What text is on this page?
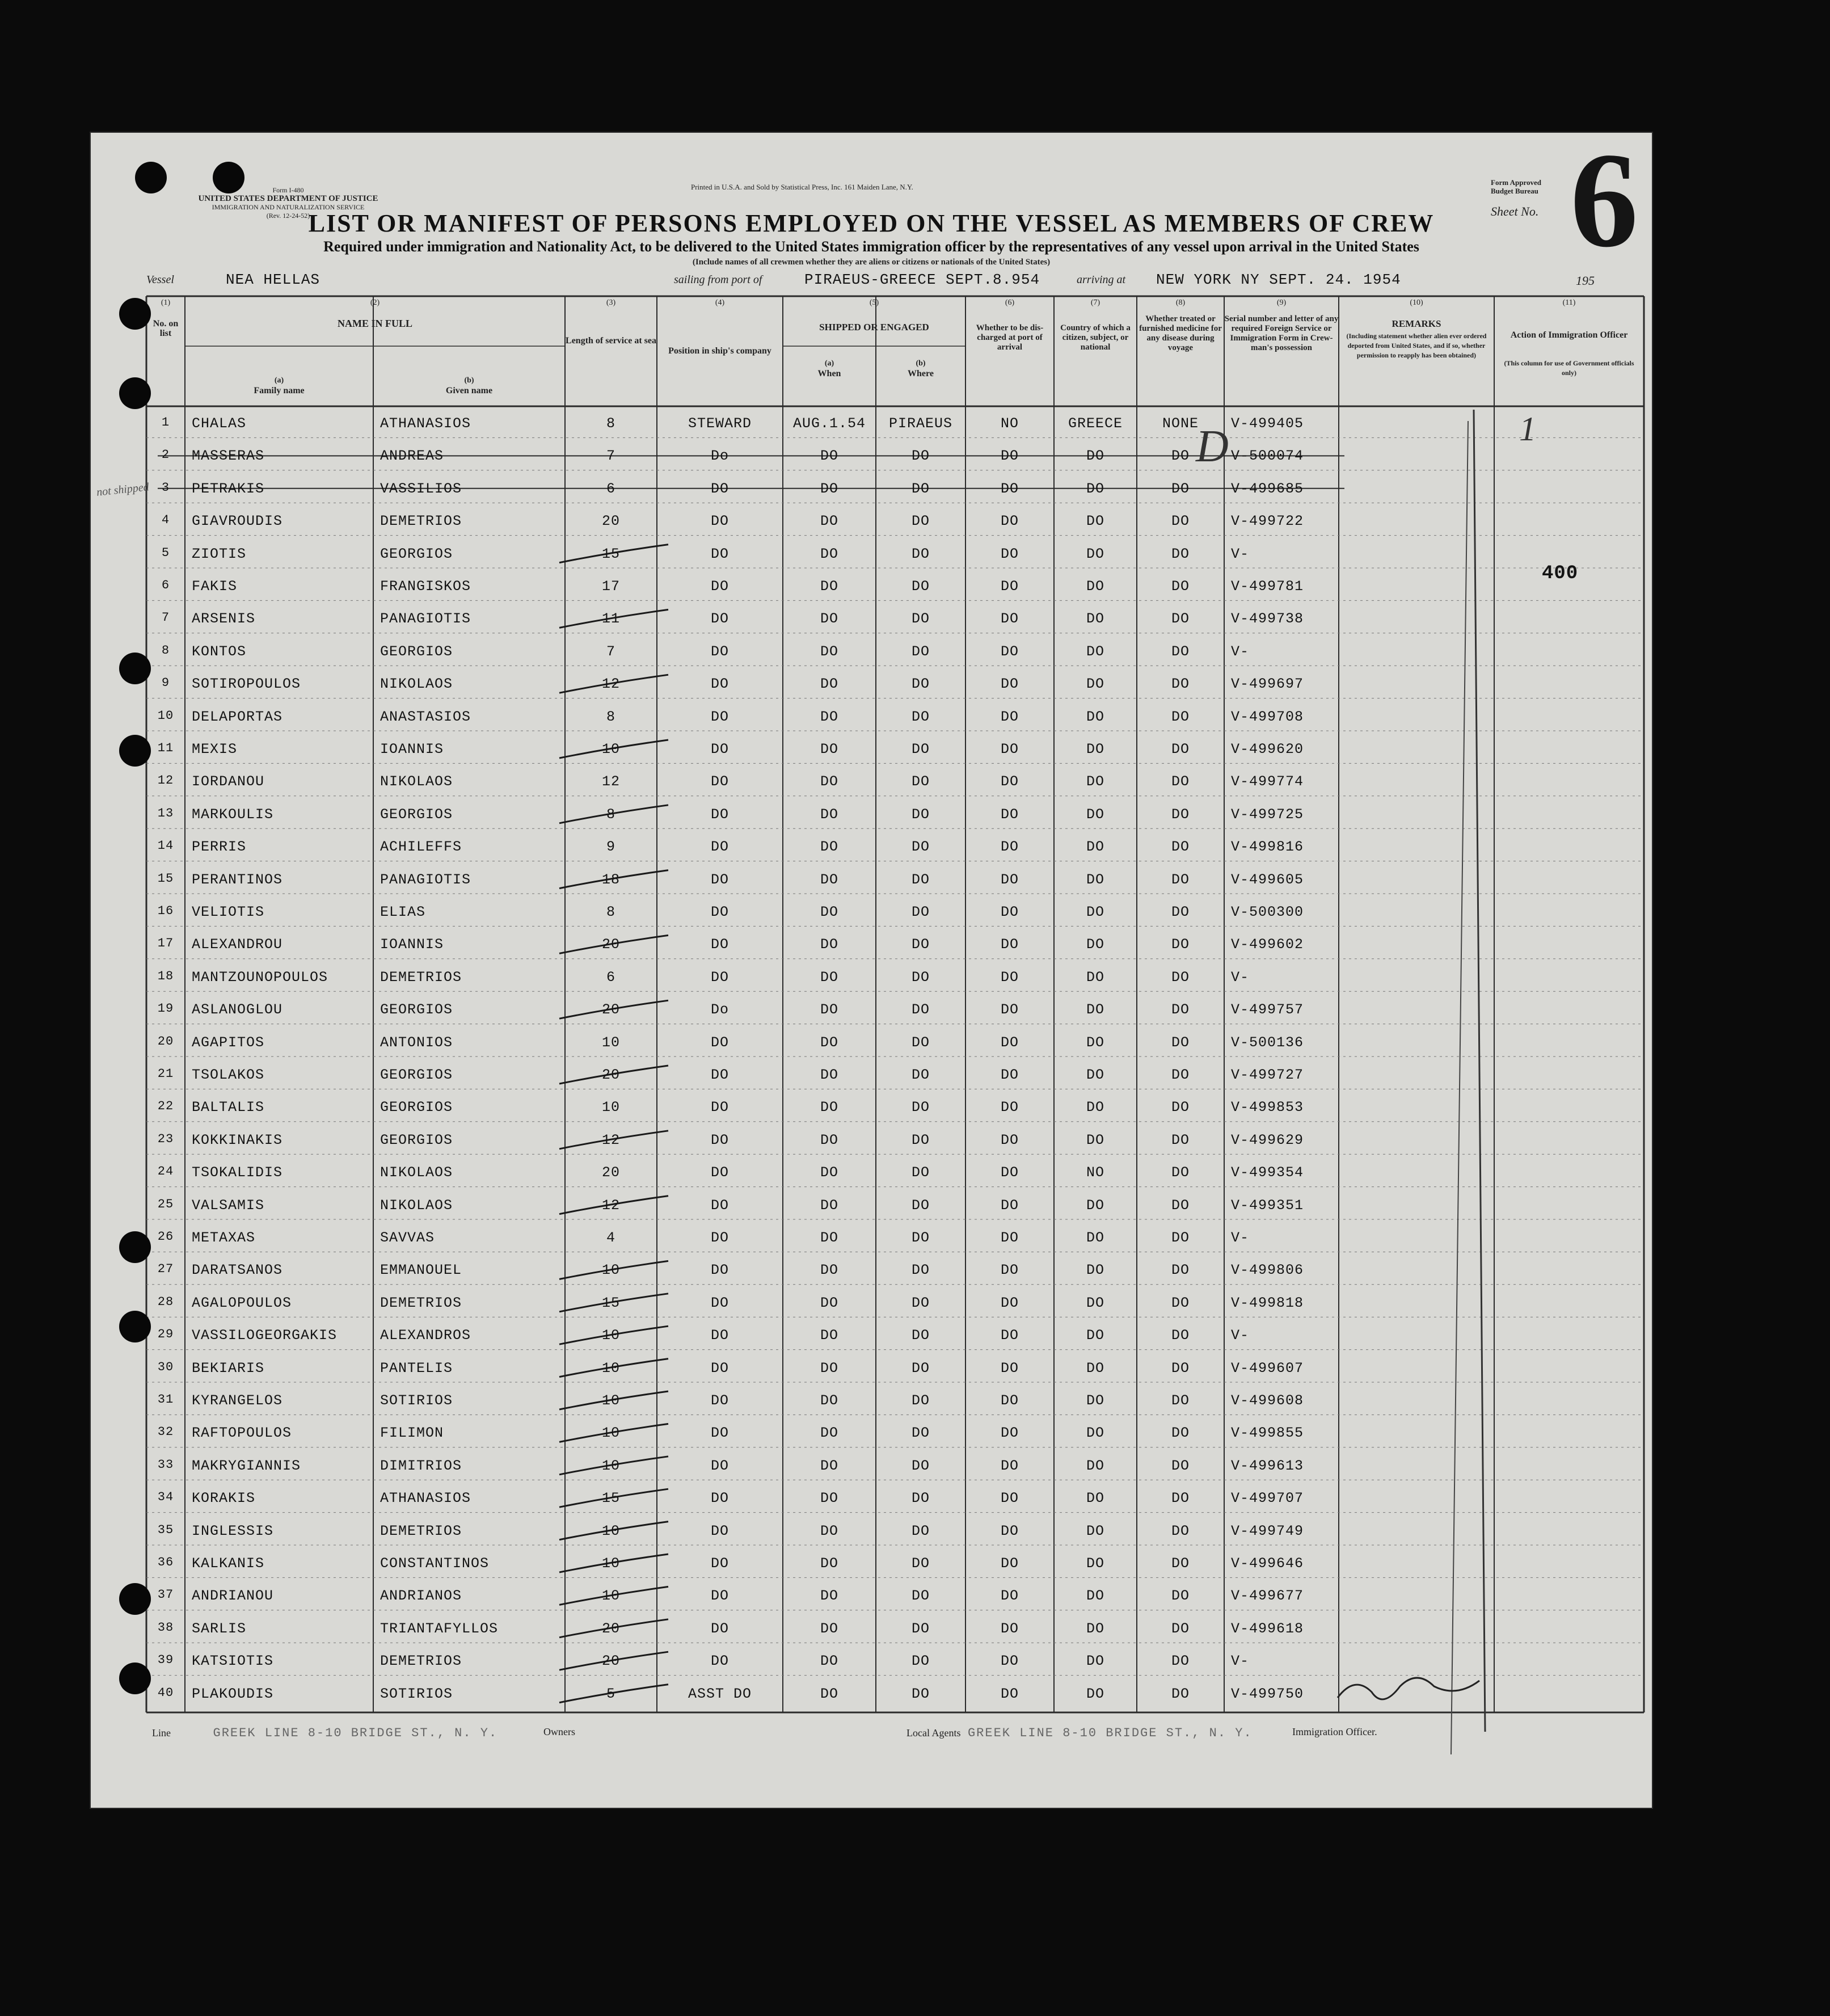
Form I-480
UNITED STATES DEPARTMENT OF JUSTICE
IMMIGRATION AND NATURALIZATION SERVICE
(Rev. 12-24-52)
Printed in U.S.A. and Sold by Statistical Press, Inc. 161 Maiden Lane, N.Y.
Form Approved
Budget Bureau
Sheet No. 6
LIST OR MANIFEST OF PERSONS EMPLOYED ON THE VESSEL AS MEMBERS OF CREW
Required under immigration and Nationality Act, to be delivered to the United States immigration officer by the representatives of any vessel upon arrival in the United States
(Include names of all crewmen whether they are aliens or citizens or nationals of the United States)
Vessel	NEA HELLAS	sailing from port of	PIRAEUS-GREECE SEPT.8.954	arriving at NEW YORK NY SEPT. 24. 1954	195
(1)	(2)	(3)	(4)	(5)	(6)	(7)	(8)	(9)	(10)	(11)
No. on list
NAME IN FULL
(a)
Family name
(b)
Given name
Length of service at sea
Position in ship's company
SHIPPED OR ENGAGED
(a)
When
(b)
Where
Whether to be dis- charged at port of arrival
Country of which a citizen, subject, or national
Whether treated or furnished medicine for any disease during voyage
Serial number and letter of any required Foreign Service or Immigration Form in Crew- man's possession
REMARKS
(Including statement whether alien ever ordered deported from United States, and if so, whether permission to reapply has been obtained)
Action of Immigration Officer
(This column for use of Government officials only)
1	CHALAS	ATHANASIOS	8	STEWARD	AUG.1.54	PIRAEUS	NO	GREECE	NONE	V-499405
2	MASSERAS	ANDREAS	7	Do	DO	DO	DO	DO	DO	V-500074
3	PETRAKIS	VASSILIOS	6	DO	DO	DO	DO	DO	DO	V-499685
4	GIAVROUDIS	DEMETRIOS	20	DO	DO	DO	DO	DO	DO	V-499722
5	ZIOTIS	GEORGIOS	15	DO	DO	DO	DO	DO	DO	V-
6	FAKIS	FRANGISKOS	17	DO	DO	DO	DO	DO	DO	V-499781
7	ARSENIS	PANAGIOTIS	11	DO	DO	DO	DO	DO	DO	V-499738
8	KONTOS	GEORGIOS	7	DO	DO	DO	DO	DO	DO	V-
9	SOTIROPOULOS	NIKOLAOS	12	DO	DO	DO	DO	DO	DO	V-499697
10	DELAPORTAS	ANASTASIOS	8	DO	DO	DO	DO	DO	DO	V-499708
11	MEXIS	IOANNIS	10	DO	DO	DO	DO	DO	DO	V-499620
12	IORDANOU	NIKOLAOS	12	DO	DO	DO	DO	DO	DO	V-499774
13	MARKOULIS	GEORGIOS	8	DO	DO	DO	DO	DO	DO	V-499725
14	PERRIS	ACHILEFFS	9	DO	DO	DO	DO	DO	DO	V-499816
15	PERANTINOS	PANAGIOTIS	18	DO	DO	DO	DO	DO	DO	V-499605
16	VELIOTIS	ELIAS	8	DO	DO	DO	DO	DO	DO	V-500300
17	ALEXANDROU	IOANNIS	20	DO	DO	DO	DO	DO	DO	V-499602
18	MANTZOUNOPOULOS	DEMETRIOS	6	DO	DO	DO	DO	DO	DO	V-
19	ASLANOGLOU	GEORGIOS	20	Do	DO	DO	DO	DO	DO	V-499757
20	AGAPITOS	ANTONIOS	10	DO	DO	DO	DO	DO	DO	V-500136
21	TSOLAKOS	GEORGIOS	20	DO	DO	DO	DO	DO	DO	V-499727
22	BALTALIS	GEORGIOS	10	DO	DO	DO	DO	DO	DO	V-499853
23	KOKKINAKIS	GEORGIOS	12	DO	DO	DO	DO	DO	DO	V-499629
24	TSOKALIDIS	NIKOLAOS	20	DO	DO	DO	DO	NO	DO	V-499354
25	VALSAMIS	NIKOLAOS	12	DO	DO	DO	DO	DO	DO	V-499351
26	METAXAS	SAVVAS	4	DO	DO	DO	DO	DO	DO	V-
27	DARATSANOS	EMMANOUEL	10	DO	DO	DO	DO	DO	DO	V-499806
28	AGALOPOULOS	DEMETRIOS	15	DO	DO	DO	DO	DO	DO	V-499818
29	VASSILOGEORGAKIS	ALEXANDROS	10	DO	DO	DO	DO	DO	DO	V-
30	BEKIARIS	PANTELIS	10	DO	DO	DO	DO	DO	DO	V-499607
31	KYRANGELOS	SOTIRIOS	10	DO	DO	DO	DO	DO	DO	V-499608
32	RAFTOPOULOS	FILIMON	10	DO	DO	DO	DO	DO	DO	V-499855
33	MAKRYGIANNIS	DIMITRIOS	10	DO	DO	DO	DO	DO	DO	V-499613
34	KORAKIS	ATHANASIOS	15	DO	DO	DO	DO	DO	DO	V-499707
35	INGLESSIS	DEMETRIOS	10	DO	DO	DO	DO	DO	DO	V-499749
36	KALKANIS	CONSTANTINOS	10	DO	DO	DO	DO	DO	DO	V-499646
37	ANDRIANOU	ANDRIANOS	10	DO	DO	DO	DO	DO	DO	V-499677
38	SARLIS	TRIANTAFYLLOS	20	DO	DO	DO	DO	DO	DO	V-499618
39	KATSIOTIS	DEMETRIOS	20	DO	DO	DO	DO	DO	DO	V-
40	PLAKOUDIS	SOTIRIOS	5	ASST DO	DO	DO	DO	DO	DO	V-499750
D	1
400
not shipped
Line	GREEK LINE 8-10 BRIDGE ST., N. Y.	Owners	Local Agents GREEK LINE 8-10 BRIDGE ST., N. Y.	Immigration Officer.
